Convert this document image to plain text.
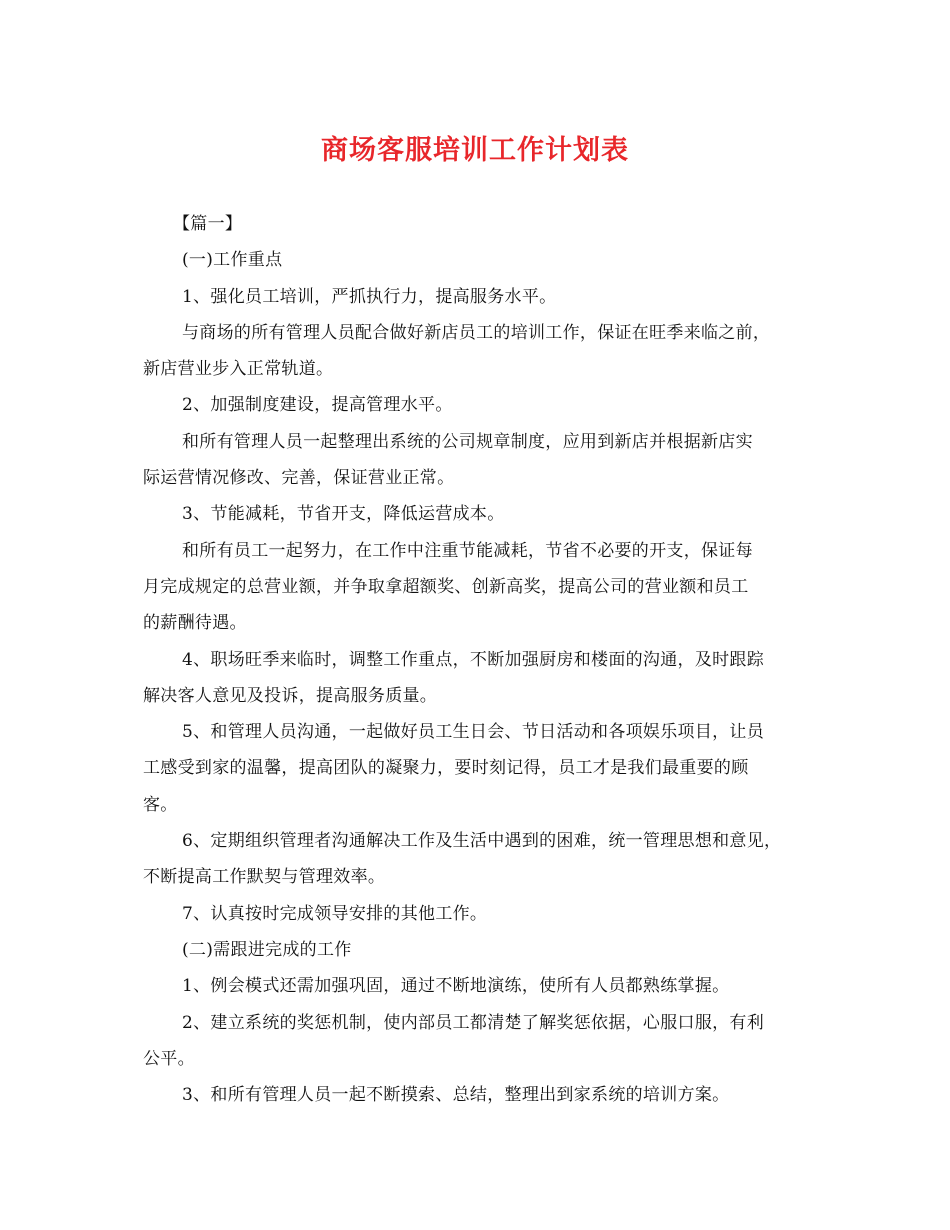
商场客服培训工作计划表

【篇一】

(一)工作重点

1、强化员工培训，严抓执行力，提高服务水平。

与商场的所有管理人员配合做好新店员工的培训工作，保证在旺季来临之前，

新店营业步入正常轨道。

2、加强制度建设，提高管理水平。

和所有管理人员一起整理出系统的公司规章制度，应用到新店并根据新店实

际运营情况修改、完善，保证营业正常。

3、节能减耗，节省开支，降低运营成本。

和所有员工一起努力，在工作中注重节能减耗，节省不必要的开支，保证每

月完成规定的总营业额，并争取拿超额奖、创新高奖，提高公司的营业额和员工

的薪酬待遇。

4、职场旺季来临时，调整工作重点，不断加强厨房和楼面的沟通，及时跟踪

解决客人意见及投诉，提高服务质量。

5、和管理人员沟通，一起做好员工生日会、节日活动和各项娱乐项目，让员

工感受到家的温馨，提高团队的凝聚力，要时刻记得，员工才是我们最重要的顾

客。

6、定期组织管理者沟通解决工作及生活中遇到的困难，统一管理思想和意见，

不断提高工作默契与管理效率。

7、认真按时完成领导安排的其他工作。

(二)需跟进完成的工作

1、例会模式还需加强巩固，通过不断地演练，使所有人员都熟练掌握。

2、建立系统的奖惩机制，使内部员工都清楚了解奖惩依据，心服口服，有利

公平。

3、和所有管理人员一起不断摸索、总结，整理出到家系统的培训方案。
